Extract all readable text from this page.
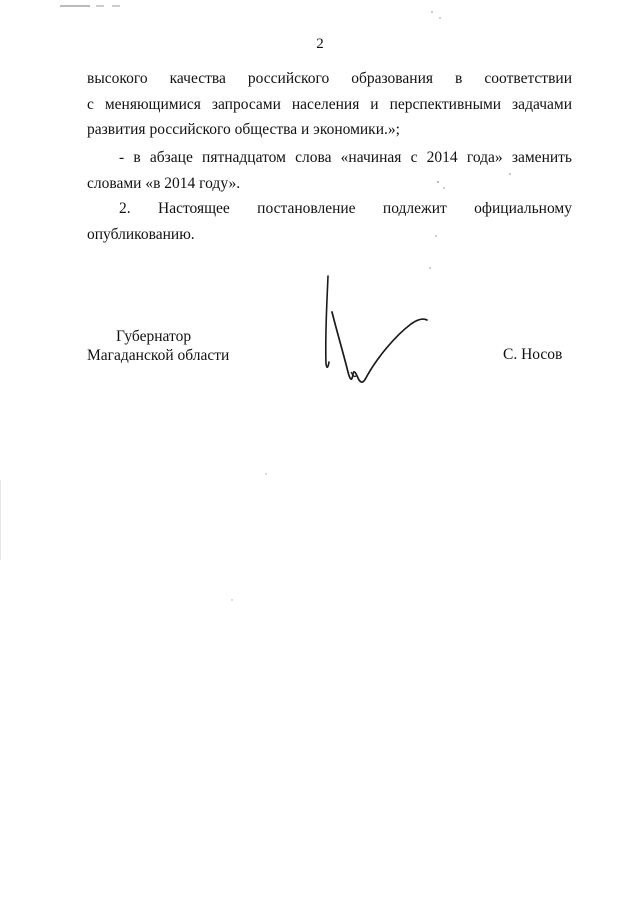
2
высокого качества российского образования в соответствии
с меняющимися запросами населения и перспективными задачами
развития российского общества и экономики.»;
- в абзаце пятнадцатом слова «начиная с 2014 года» заменить
словами «в 2014 году».
2. Настоящее постановление подлежит официальному
опубликованию.
Губернатор
Магаданской области	С. Носов
